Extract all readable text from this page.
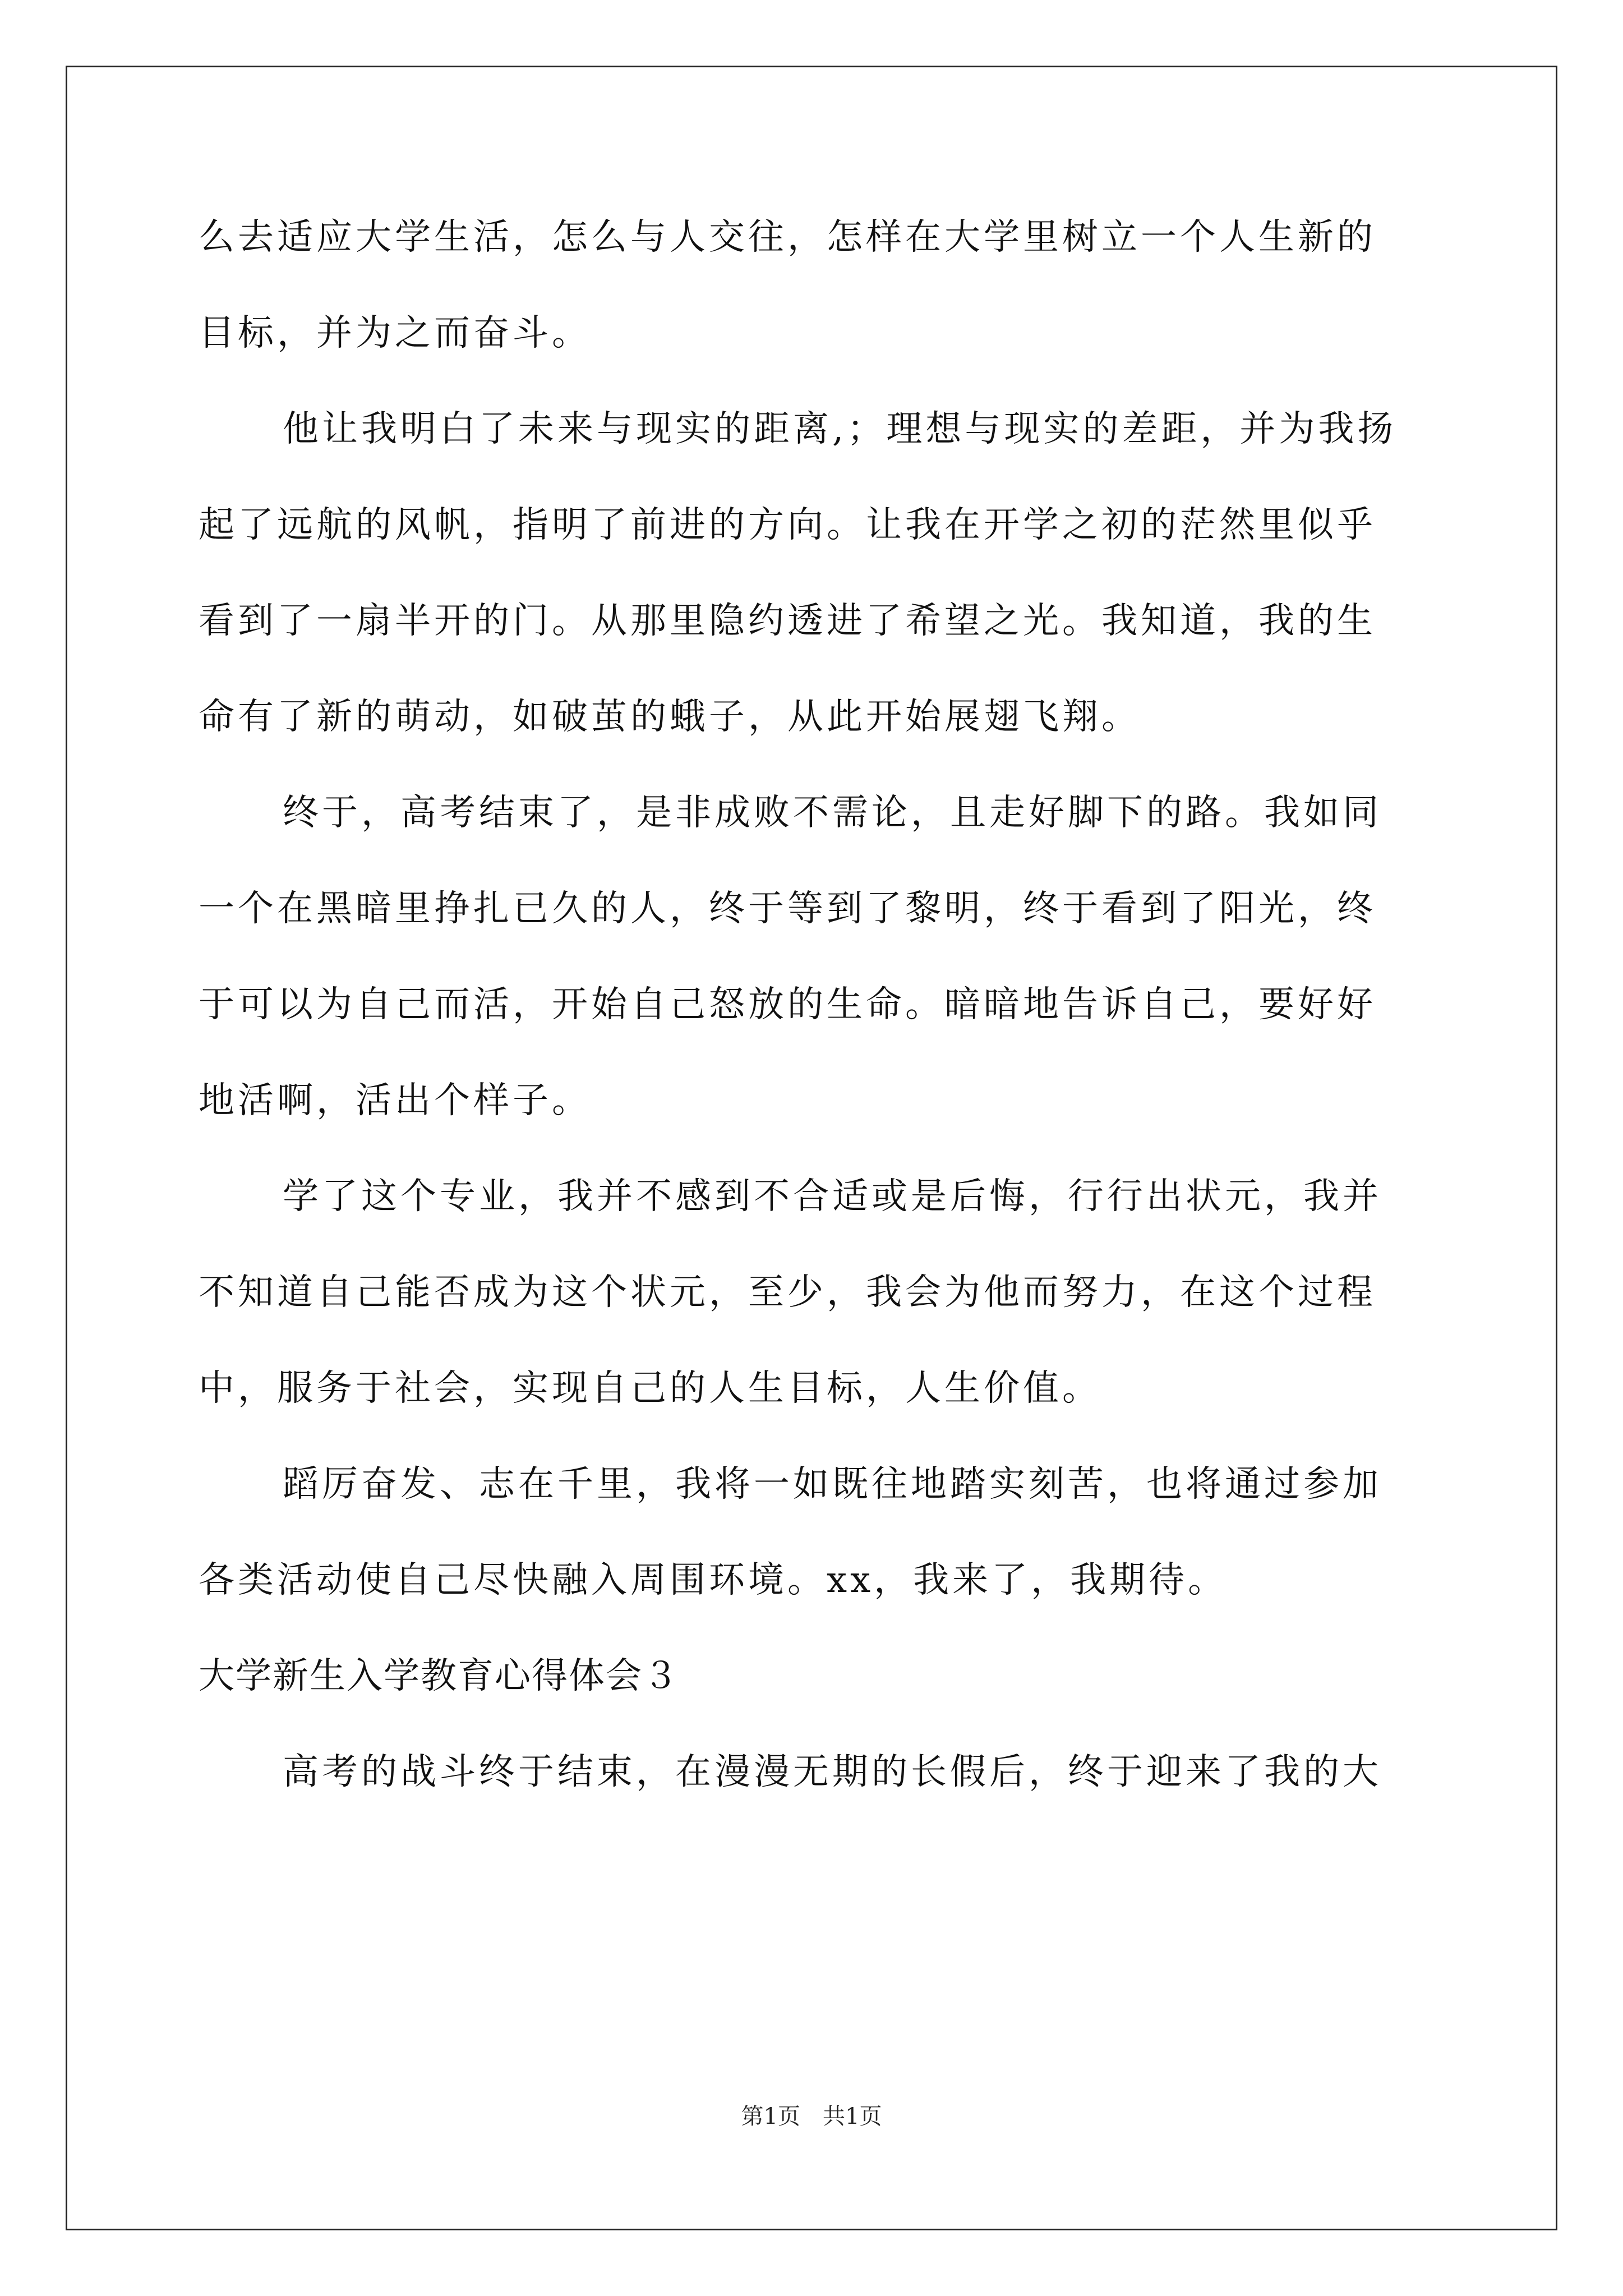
么去适应大学生活，怎么与人交往，怎样在大学里树立一个人生新的
目标，并为之而奋斗。
他让我明白了未来与现实的距离,；理想与现实的差距，并为我扬
起了远航的风帆，指明了前进的方向。让我在开学之初的茫然里似乎
看到了一扇半开的门。从那里隐约透进了希望之光。我知道，我的生
命有了新的萌动，如破茧的蛾子，从此开始展翅飞翔。
终于，高考结束了，是非成败不需论，且走好脚下的路。我如同
一个在黑暗里挣扎已久的人，终于等到了黎明，终于看到了阳光，终
于可以为自己而活，开始自己怒放的生命。暗暗地告诉自己，要好好
地活啊，活出个样子。
学了这个专业，我并不感到不合适或是后悔，行行出状元，我并
不知道自己能否成为这个状元，至少，我会为他而努力，在这个过程
中，服务于社会，实现自己的人生目标，人生价值。
蹈厉奋发、志在千里，我将一如既往地踏实刻苦，也将通过参加
各类活动使自己尽快融入周围环境。xx，我来了，我期待。
大学新生入学教育心得体会３
高考的战斗终于结束，在漫漫无期的长假后，终于迎来了我的大
第1页　共1页
